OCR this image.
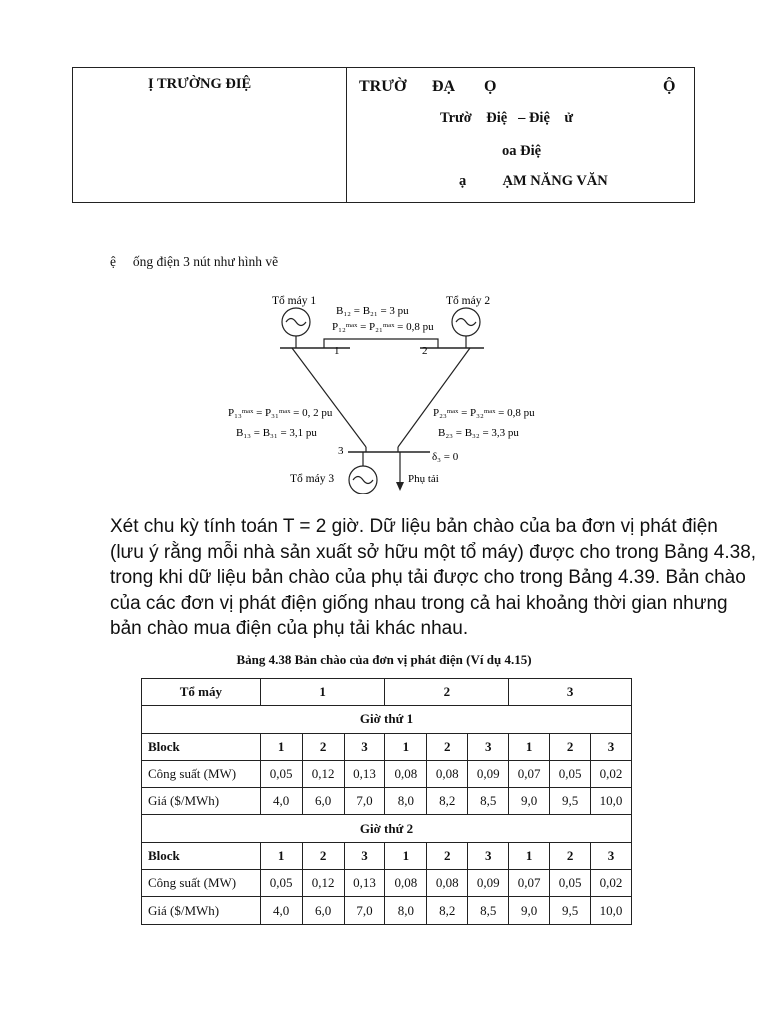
Ị TRƯỜNG ĐIỆ	TRƯỜ ĐẠ Ọ	Ộ
Trườ    Điệ   – Điệ    ử
oa Điệ
ạ          ẠM NĂNG VĂN
ệ     ống điện 3 nút như hình vẽ
Tổ máy 1	Tổ máy 2
Tổ máy 3
B₁₂ = B₂₁ = 3 pu
P₁₂ᵐᵃˣ = P₂₁ᵐᵃˣ = 0,8 pu
1	2
P₁₃ᵐᵃˣ = P₃₁ᵐᵃˣ = 0, 2 pu
B₁₃ = B₃₁ = 3,1 pu
P₂₃ᵐᵃˣ = P₃₂ᵐᵃˣ = 0,8 pu
B₂₃ = B₃₂ = 3,3 pu
3	δ₃ = 0
Phụ tải
Xét chu kỳ tính toán T = 2 giờ. Dữ liệu bản chào của ba đơn vị phát điện
(lưu ý rằng mỗi nhà sản xuất sở hữu một tổ máy) được cho trong Bảng 4.38,
trong khi dữ liệu bản chào của phụ tải được cho trong Bảng 4.39. Bản chào
của các đơn vị phát điện giống nhau trong cả hai khoảng thời gian nhưng
bản chào mua điện của phụ tải khác nhau.
Bảng 4.38 Bản chào của đơn vị phát điện (Ví dụ 4.15)
Tổ máy	1			2			3		
Giờ thứ 1									
Block	1	2	3	1	2	3	1	2	3
Công suất (MW)	0,05	0,12	0,13	0,08	0,08	0,09	0,07	0,05	0,02
Giá ($/MWh)	4,0	6,0	7,0	8,0	8,2	8,5	9,0	9,5	10,0
Giờ thứ 2									
Block	1	2	3	1	2	3	1	2	3
Công suất (MW)	0,05	0,12	0,13	0,08	0,08	0,09	0,07	0,05	0,02
Giá ($/MWh)	4,0	6,0	7,0	8,0	8,2	8,5	9,0	9,5	10,0
